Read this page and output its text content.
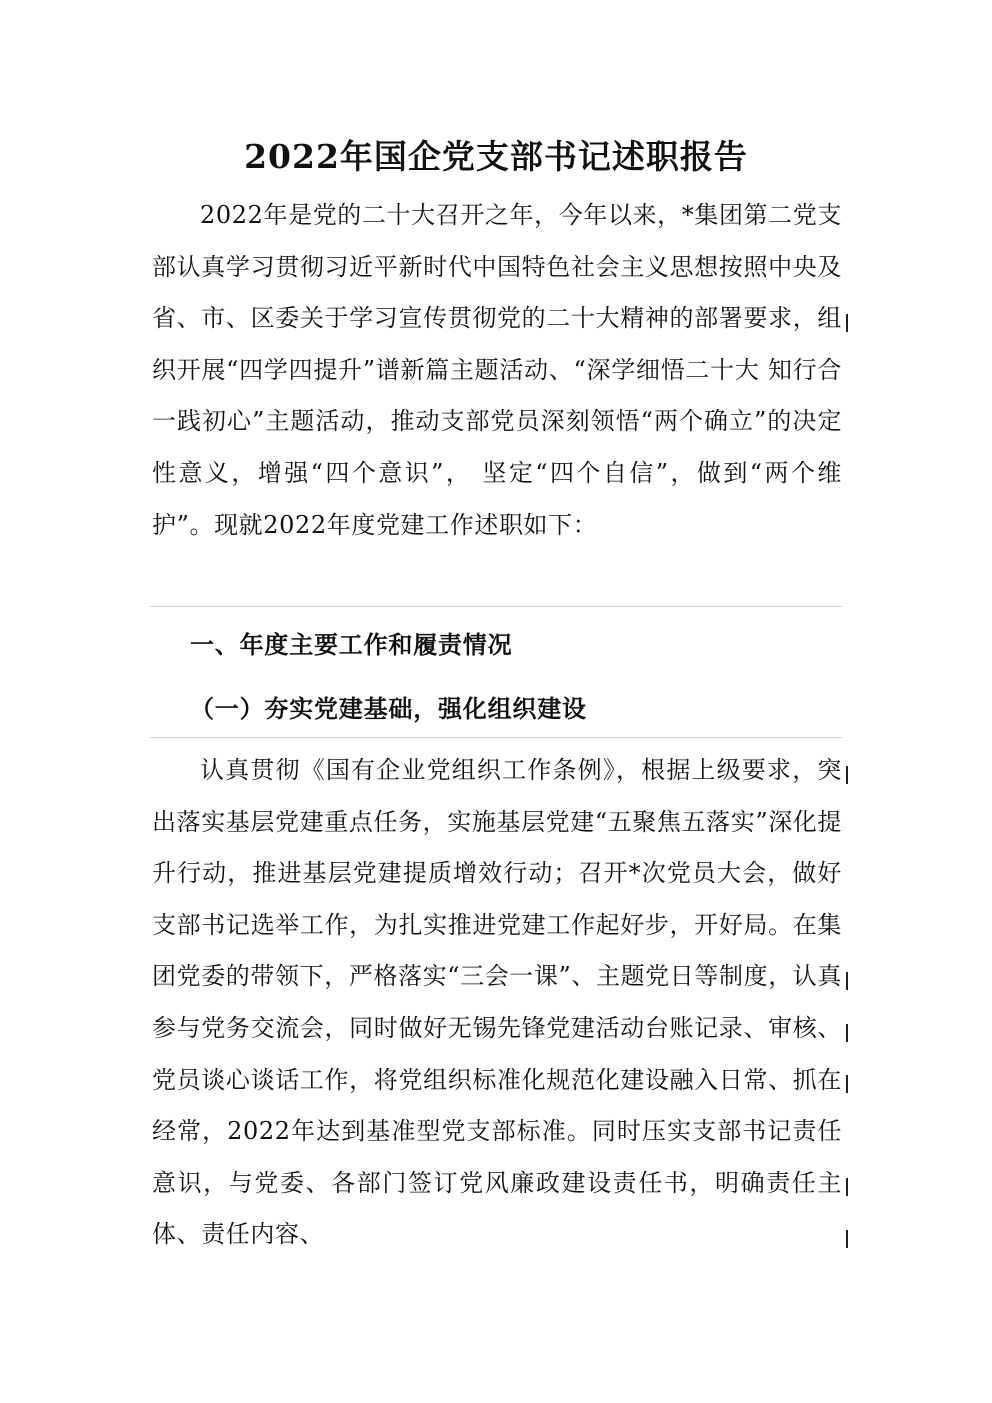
2022年国企党支部书记述职报告

2022年是党的二十大召开之年，今年以来，*集团第二党支部认真学习贯彻习近平新时代中国特色社会主义思想按照中央及省、市、区委关于学习宣传贯彻党的二十大精神的部署要求，组织开展“四学四提升”谱新篇主题活动、“深学细悟二十大 知行合一践初心”主题活动，推动支部党员深刻领悟“两个确立”的决定性意义，增强“四个意识”， 坚定“四个自信”，做到“两个维护”。现就2022年度党建工作述职如下：

一、年度主要工作和履责情况
（一）夯实党建基础，强化组织建设

认真贯彻《国有企业党组织工作条例》，根据上级要求，突出落实基层党建重点任务，实施基层党建“五聚焦五落实”深化提升行动，推进基层党建提质增效行动；召开*次党员大会，做好支部书记选举工作，为扎实推进党建工作起好步，开好局。在集团党委的带领下，严格落实“三会一课”、主题党日等制度，认真参与党务交流会，同时做好无锡先锋党建活动台账记录、审核、党员谈心谈话工作，将党组织标准化规范化建设融入日常、抓在经常，2022年达到基准型党支部标准。同时压实支部书记责任意识，与党委、各部门签订党风廉政建设责任书，明确责任主体、责任内容、
